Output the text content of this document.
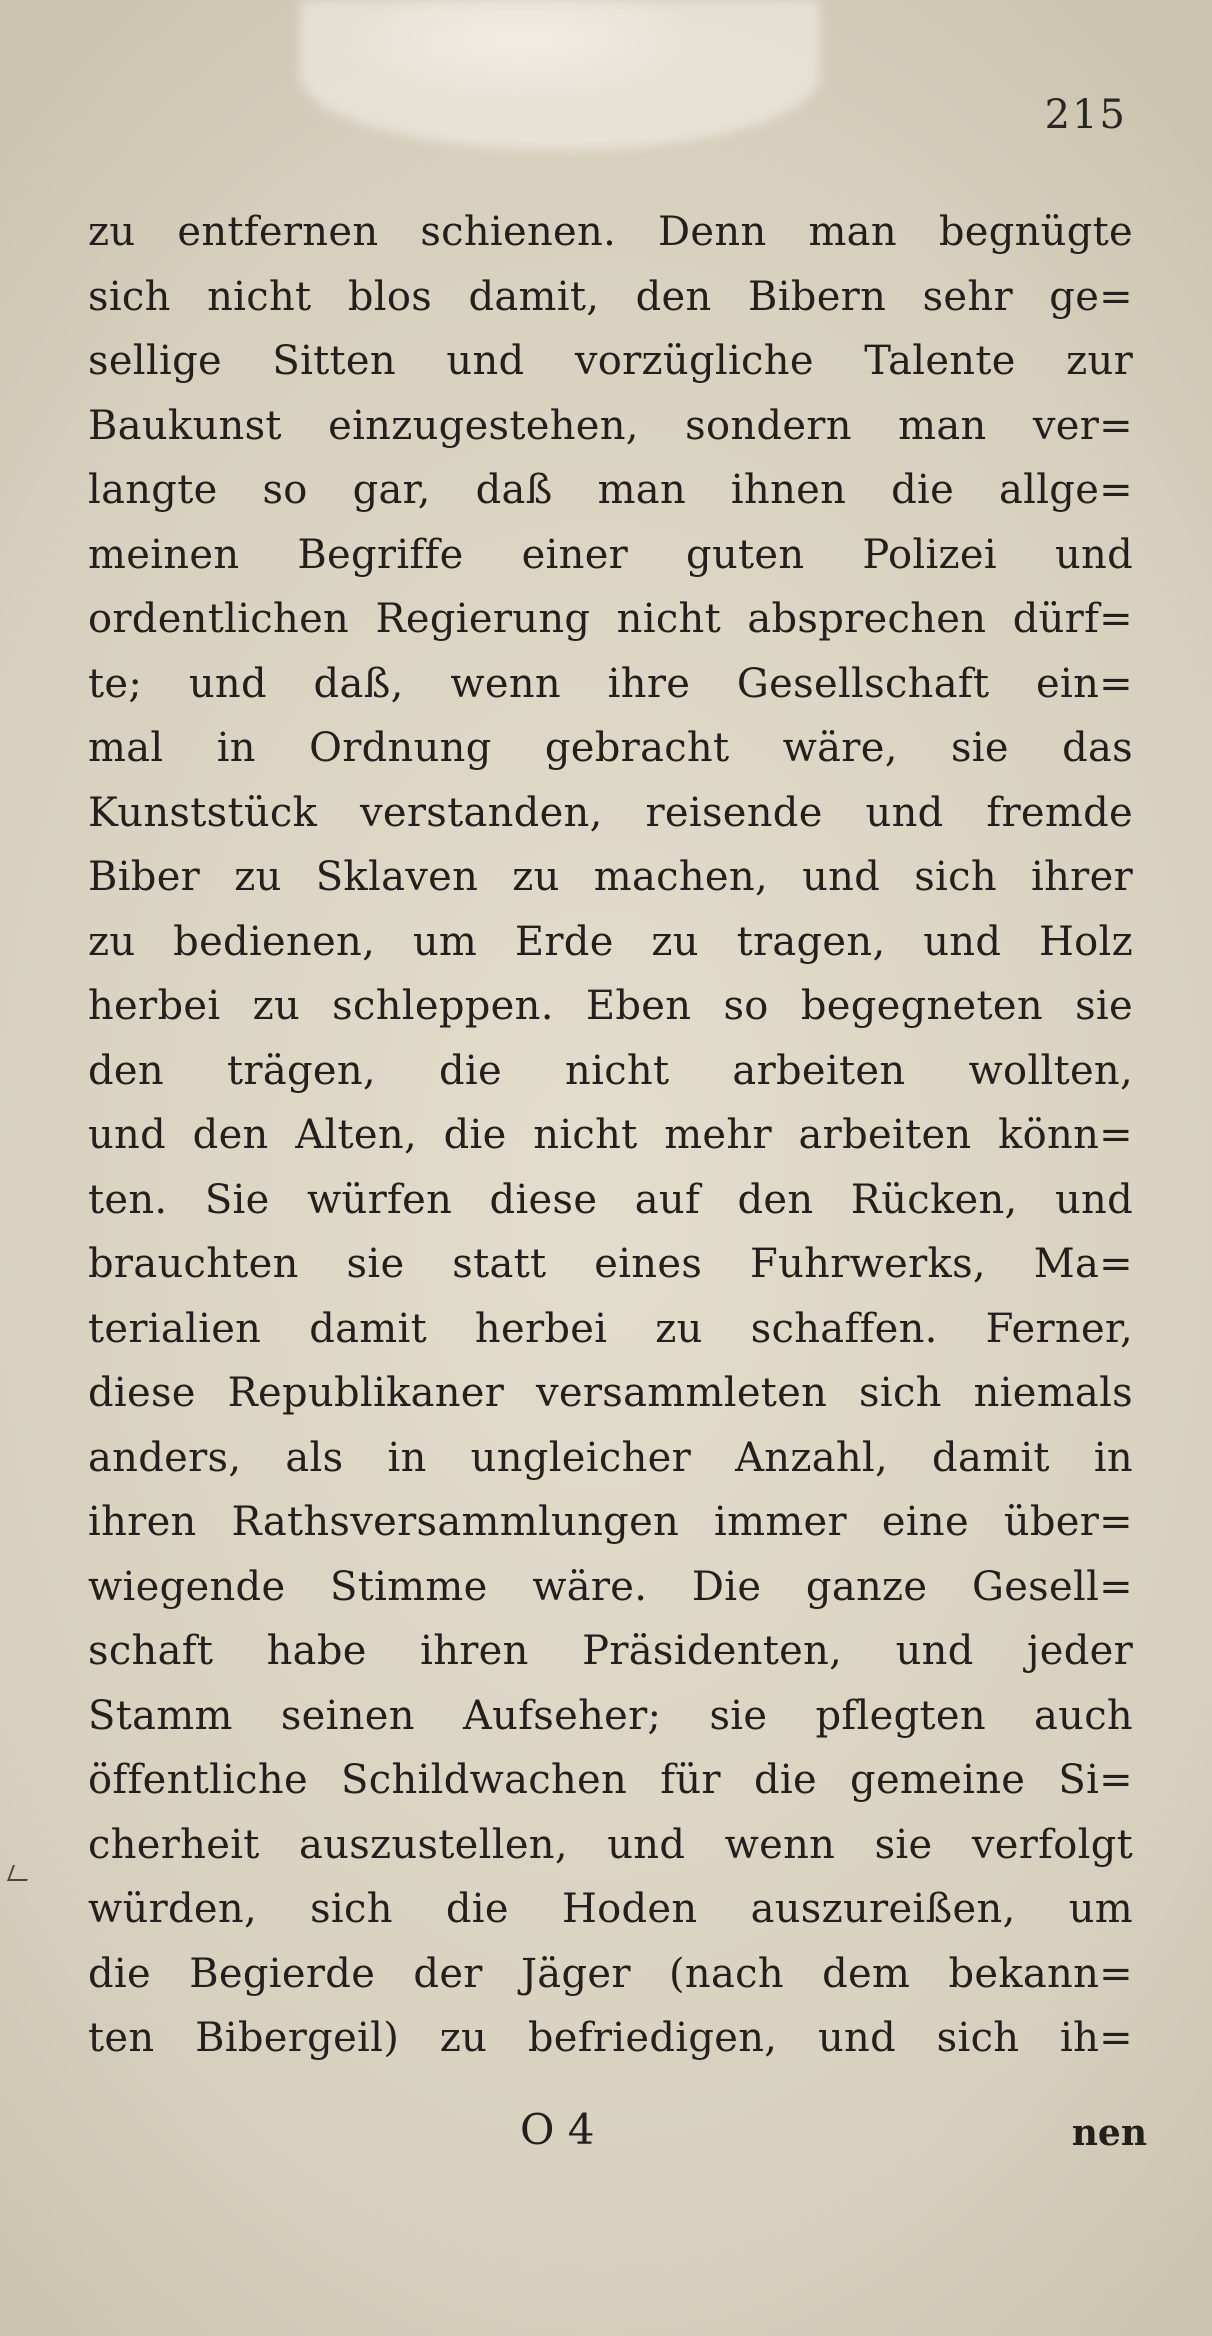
215
zu entfernen schienen. Denn man begnügte
sich nicht blos damit, den Bibern sehr ge=
sellige Sitten und vorzügliche Talente zur
Baukunst einzugestehen, sondern man ver=
langte so gar, daß man ihnen die allge=
meinen Begriffe einer guten Polizei und
ordentlichen Regierung nicht absprechen dürf=
te; und daß, wenn ihre Gesellschaft ein=
mal in Ordnung gebracht wäre, sie das
Kunststück verstanden, reisende und fremde
Biber zu Sklaven zu machen, und sich ihrer
zu bedienen, um Erde zu tragen, und Holz
herbei zu schleppen. Eben so begegneten sie
den trägen, die nicht arbeiten wollten,
und den Alten, die nicht mehr arbeiten könn=
ten. Sie würfen diese auf den Rücken, und
brauchten sie statt eines Fuhrwerks, Ma=
terialien damit herbei zu schaffen. Ferner,
diese Republikaner versammleten sich niemals
anders, als in ungleicher Anzahl, damit in
ihren Rathsversammlungen immer eine über=
wiegende Stimme wäre. Die ganze Gesell=
schaft habe ihren Präsidenten, und jeder
Stamm seinen Aufseher; sie pflegten auch
öffentliche Schildwachen für die gemeine Si=
cherheit auszustellen, und wenn sie verfolgt
würden, sich die Hoden auszureißen, um
die Begierde der Jäger (nach dem bekann=
ten Bibergeil) zu befriedigen, und sich ih=
O 4	nen
